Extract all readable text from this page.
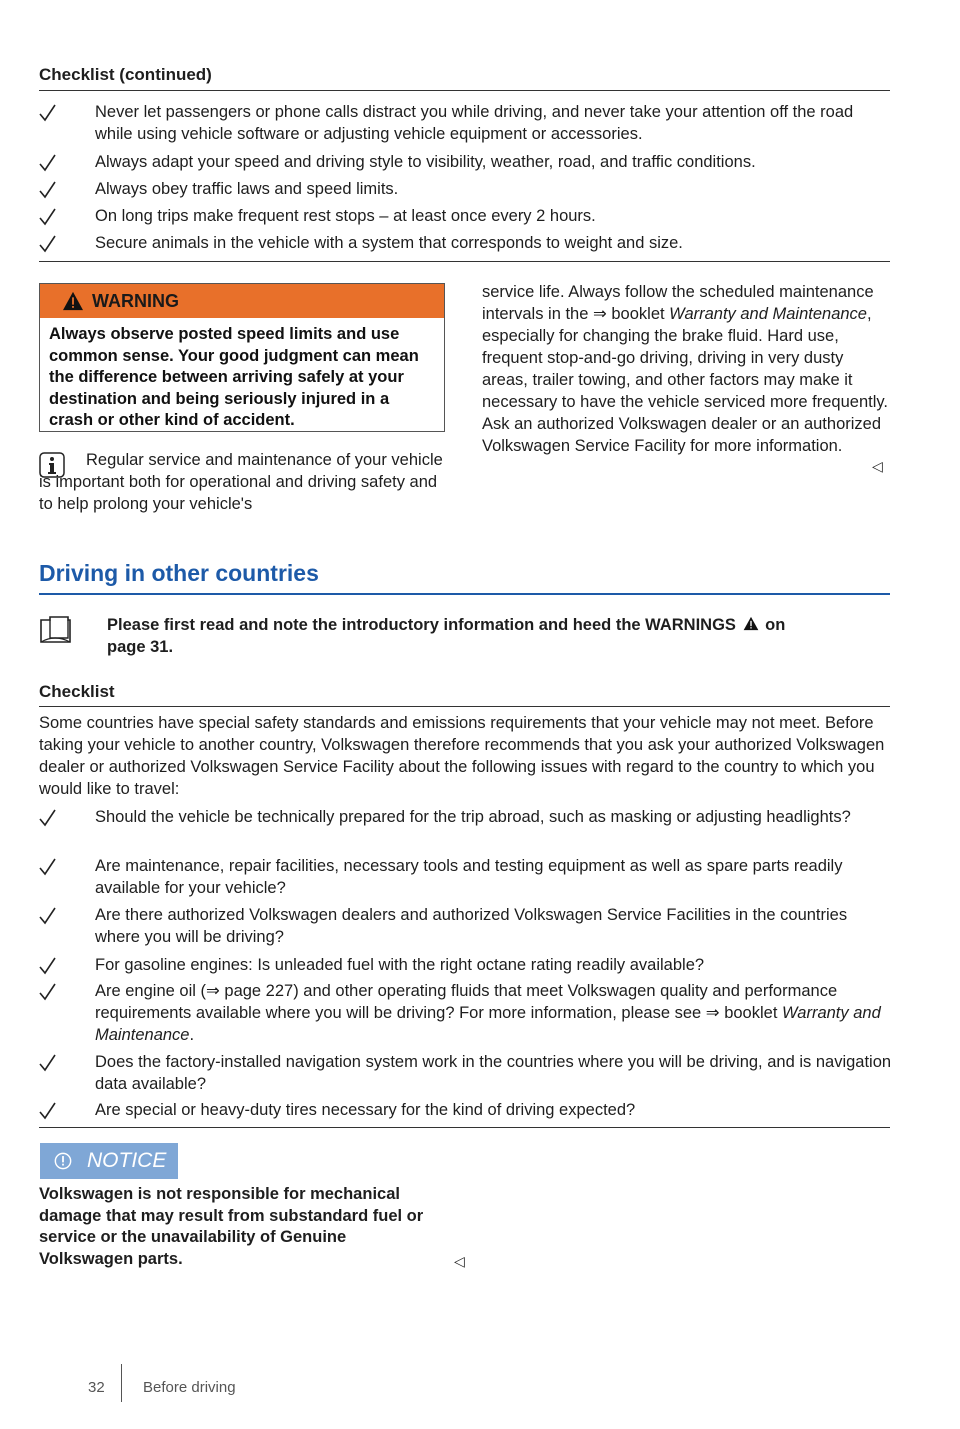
Checklist (continued)
Never let passengers or phone calls distract you while driving, and never take your attention off the road while using vehicle software or adjusting vehicle equipment or accessories.
Always adapt your speed and driving style to visibility, weather, road, and traffic conditions.
Always obey traffic laws and speed limits.
On long trips make frequent rest stops – at least once every 2 hours.
Secure animals in the vehicle with a system that corresponds to weight and size.
WARNING
Always observe posted speed limits and use common sense. Your good judgment can mean the difference between arriving safely at your destination and being seriously injured in a crash or other kind of accident.
Regular service and maintenance of your vehicle is important both for operational and driving safety and to help prolong your vehicle's
service life. Always follow the scheduled maintenance intervals in the ⇒ booklet Warranty and Maintenance, especially for changing the brake fluid. Hard use, frequent stop-and-go driving, driving in very dusty areas, trailer towing, and other factors may make it necessary to have the vehicle serviced more frequently. Ask an authorized Volkswagen dealer or an authorized Volkswagen Service Facility for more information.
◁
Driving in other countries
Please first read and note the introductory information and heed the WARNINGS on
page 31.
Checklist
Some countries have special safety standards and emissions requirements that your vehicle may not meet. Before taking your vehicle to another country, Volkswagen therefore recommends that you ask your authorized Volkswagen dealer or authorized Volkswagen Service Facility about the following issues with regard to the country to which you would like to travel:
Should the vehicle be technically prepared for the trip abroad, such as masking or adjusting headlights?
Are maintenance, repair facilities, necessary tools and testing equipment as well as spare parts readily available for your vehicle?
Are there authorized Volkswagen dealers and authorized Volkswagen Service Facilities in the countries where you will be driving?
For gasoline engines: Is unleaded fuel with the right octane rating readily available?
Are engine oil (⇒ page 227) and other operating fluids that meet Volkswagen quality and performance requirements available where you will be driving? For more information, please see ⇒ booklet Warranty and Maintenance.
Does the factory-installed navigation system work in the countries where you will be driving, and is navigation data available?
Are special or heavy-duty tires necessary for the kind of driving expected?
NOTICE
Volkswagen is not responsible for mechanical damage that may result from substandard fuel or service or the unavailability of Genuine Volkswagen parts.	◁
32	Before driving
